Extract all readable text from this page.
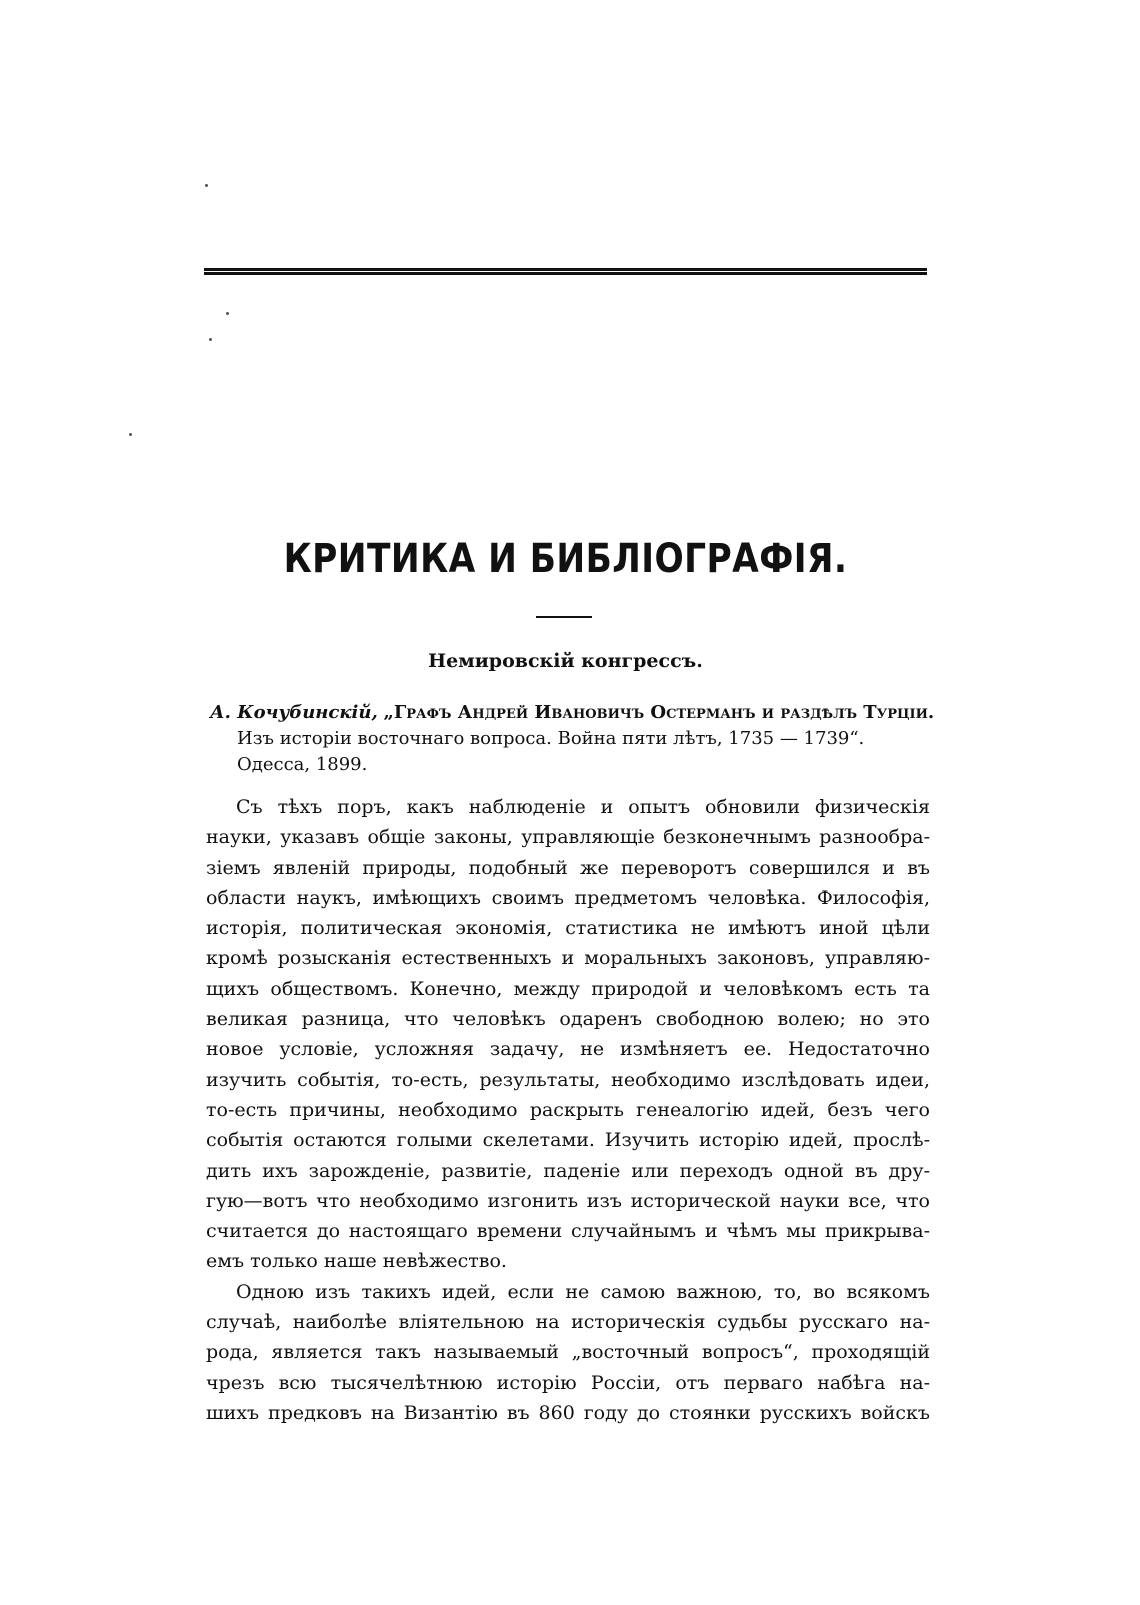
КРИТИКА И БИБЛІОГРАФІЯ.
Немировскій конгрессъ.
А. Кочубинскій, „Графъ Андрей Ивановичъ Остерманъ и раздѣлъ Турціи.
Изъ исторіи восточнаго вопроса. Война пяти лѣтъ, 1735 — 1739“.
Одесса, 1899.
Съ тѣхъ поръ, какъ наблюденіе и опытъ обновили физическія
науки, указавъ общіе законы, управляющіе безконечнымъ разнообра-
зіемъ явленій природы, подобный же переворотъ совершился и въ
области наукъ, имѣющихъ своимъ предметомъ человѣка. Философія,
исторія, политическая экономія, статистика не имѣютъ иной цѣли
кромѣ розысканія естественныхъ и моральныхъ законовъ, управляю-
щихъ обществомъ. Конечно, между природой и человѣкомъ есть та
великая разница, что человѣкъ одаренъ свободною волею; но это
новое условіе, усложняя задачу, не измѣняетъ ее. Недостаточно
изучить событія, то-есть, результаты, необходимо изслѣдовать идеи,
то-есть причины, необходимо раскрыть генеалогію идей, безъ чего
событія остаются голыми скелетами. Изучить исторію идей, прослѣ-
дить ихъ зарожденіе, развитіе, паденіе или переходъ одной въ дру-
гую—вотъ что необходимо изгонить изъ исторической науки все, что
считается до настоящаго времени случайнымъ и чѣмъ мы прикрыва-
емъ только наше невѣжество.
Одною изъ такихъ идей, если не самою важною, то, во всякомъ
случаѣ, наиболѣе вліятельною на историческія судьбы русскаго на-
рода, является такъ называемый „восточный вопросъ“, проходящій
чрезъ всю тысячелѣтнюю исторію Россіи, отъ перваго набѣга на-
шихъ предковъ на Византію въ 860 году до стоянки русскихъ войскъ
